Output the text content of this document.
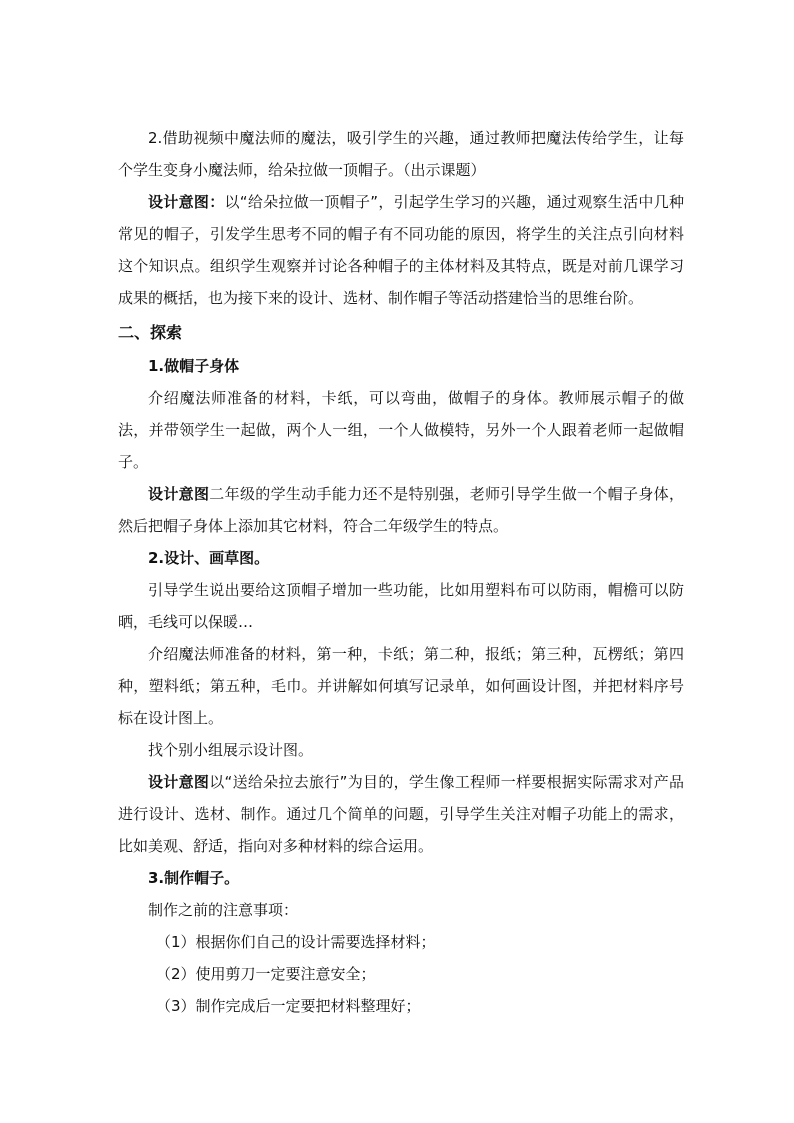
2.借助视频中魔法师的魔法，吸引学生的兴趣，通过教师把魔法传给学生，让每个学生变身小魔法师，给朵拉做一顶帽子。（出示课题）

设计意图：以“给朵拉做一顶帽子”，引起学生学习的兴趣，通过观察生活中几种常见的帽子，引发学生思考不同的帽子有不同功能的原因，将学生的关注点引向材料这个知识点。组织学生观察并讨论各种帽子的主体材料及其特点，既是对前几课学习成果的概括，也为接下来的设计、选材、制作帽子等活动搭建恰当的思维台阶。

二、探索
1.做帽子身体

介绍魔法师准备的材料，卡纸，可以弯曲，做帽子的身体。教师展示帽子的做法，并带领学生一起做，两个人一组，一个人做模特，另外一个人跟着老师一起做帽子。

设计意图二年级的学生动手能力还不是特别强，老师引导学生做一个帽子身体，然后把帽子身体上添加其它材料，符合二年级学生的特点。

2.设计、画草图。

引导学生说出要给这顶帽子增加一些功能，比如用塑料布可以防雨，帽檐可以防晒，毛线可以保暖…

介绍魔法师准备的材料，第一种，卡纸；第二种，报纸；第三种，瓦楞纸；第四种，塑料纸；第五种，毛巾。并讲解如何填写记录单，如何画设计图，并把材料序号标在设计图上。

找个别小组展示设计图。

设计意图以“送给朵拉去旅行”为目的，学生像工程师一样要根据实际需求对产品进行设计、选材、制作。通过几个简单的问题，引导学生关注对帽子功能上的需求，比如美观、舒适，指向对多种材料的综合运用。

3.制作帽子。

制作之前的注意事项：

（1）根据你们自己的设计需要选择材料；
（2）使用剪刀一定要注意安全；
（3）制作完成后一定要把材料整理好；
